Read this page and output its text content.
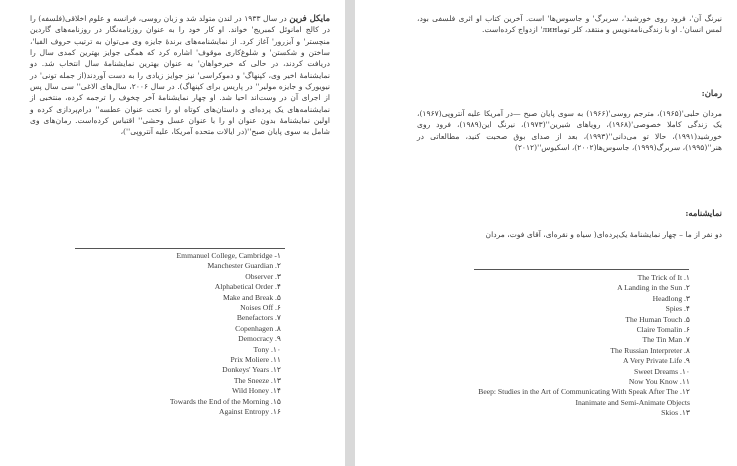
مایکل فرین در سال ۱۹۳۳ در لندن متولد شد و زبان روسی، فرانسه و علوم اخلاقی(فلسفه) را در کالج امانوئل کمبریج' خواند. او کار خود را به عنوان روزنامه‌نگار در روزنامه‌های گاردین منچستر' و آبزرور' آغاز کرد. از نمایشنامه‌های برندهٔ جایزه وی می‌توان به ترتیب حروف الفبا'، ساختن و شکستن' و شلوغ‌کاری موقوف' اشاره کرد که همگی جوایز بهترین کمدی سال را دریافت کردند، در حالی که خیرخواهان' به عنوان بهترین نمایشنامهٔ سال انتخاب شد. دو نمایشنامهٔ اخیر وی، کپنهاگ' و دموکراسی' نیز جوایز زیادی را به دست آوردند(از جمله تونی' در نیویورک و جایزه مولیر'' در پاریس برای کپنهاگ). در سال ۲۰۰۶، سال‌های الاغی'' سی سال پس از اجرای آن در وست‌اند احیا شد. او چهار نمایشنامهٔ آخر چخوف را ترجمه کرده، منتخبی از نمایشنامه‌های یک پرده‌ای و داستان‌های کوتاه او را تحت عنوان عطسه'' درام‌پردازی کرده و اولین نمایشنامهٔ بدون عنوان او را با عنوان عسل وحشی'' اقتباس کرده‌است. رمان‌های وی شامل به سوی پایان صبح''(در ایالات متحده آمریکا، علیه آنتروپی'')،

Emmanuel College, Cambridge -۱
Manchester Guardian .۲
Observer .۳
Alphabetical Order .۴
Make and Break .۵
Noises Off .۶
Benefactors .۷
Copenhagen .۸
Democracy .۹
Tony .۱۰
Prix Moliere .۱۱
Donkeys' Years .۱۲
The Sneeze .۱۳
Wild Honey .۱۴
Towards the End of the Morning .۱۵
Against Entropy .۱۶

نیرنگ آن'، فرود روی خورشید'، سربرگ' و جاسوس‌ها' است. آخرین کتاب او اثری فلسفی بود، لمس انسان'. او با زندگی‌نامه‌نویس و منتقد، کلر توماлин' ازدواج کرده‌است.

رمان:

مردان حلبی'(۱۹۶۵)، مترجم روسی'(۱۹۶۶) به سوی پایان صبح —در آمریکا علیه آنتروپی(۱۹۶۷)، یک زندگی کاملا خصوصی'(۱۹۶۸)، رویاهای شیرین''(۱۹۷۳)، نیرنگ این(۱۹۸۹)، فرود روی خورشید(۱۹۹۱)، حالا تو می‌دانی''(۱۹۹۳)، بعد از صدای بوق صحبت کنید، مطالعاتی در هنر''(۱۹۹۵)، سربرگ(۱۹۹۹)، جاسوس‌ها(۲۰۰۲)، اسکیوس''(۲۰۱۲)

نمایشنامه:

دو نفر از ما – چهار نمایشنامهٔ یک‌پرده‌ای( سیاه و نقره‌ای، آقای فوت، مردان

The Trick of It .۱
A Landing in the Sun .۲
Headlong .۳
Spies .۴
The Human Touch .۵
Claire Tomalin .۶
The Tin Man .۷
The Russian Interpreter .۸
A Very Private Life .۹
Sweet Dreams .۱۰
Now You Know .۱۱
Beep: Studies in the Art of Communicating With Speak After The .۱۲
Inanimate and Semi-Animate Objects
Skios .۱۳
